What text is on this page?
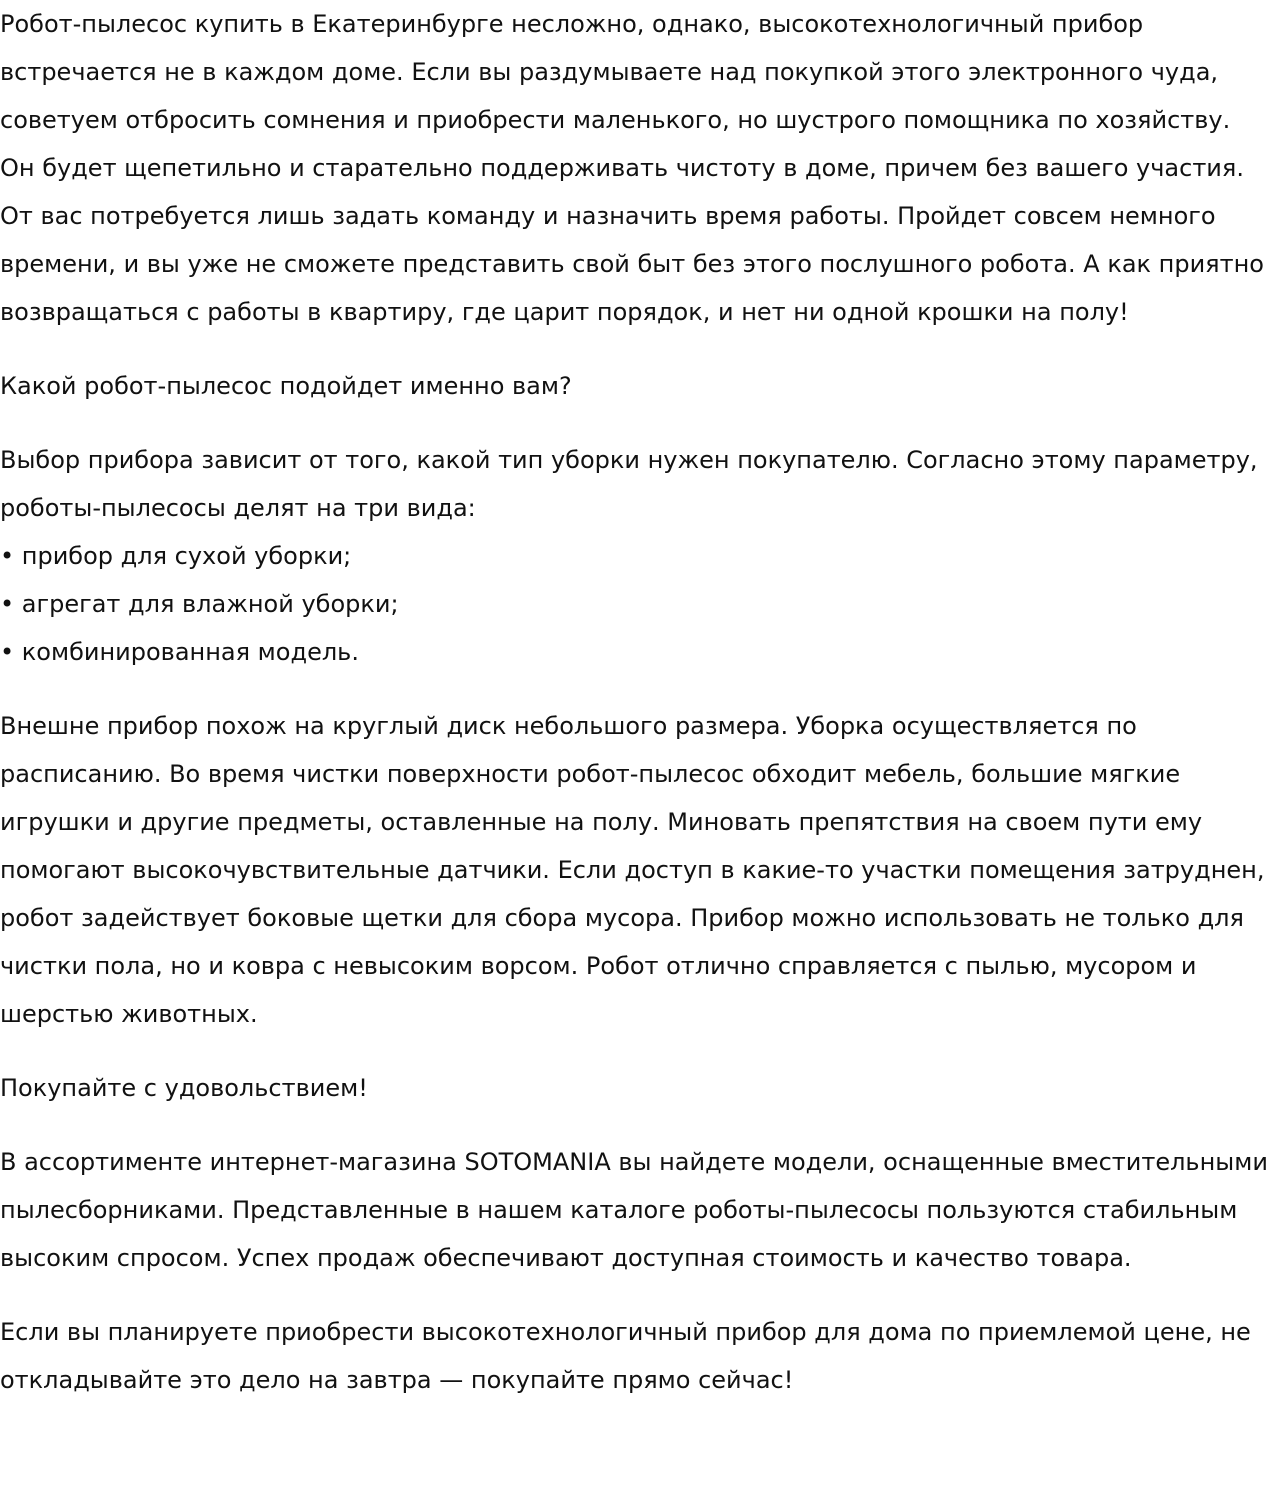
Робот-пылесос купить в Екатеринбурге несложно, однако, высокотехнологичный прибор встречается не в каждом доме. Если вы раздумываете над покупкой этого электронного чуда, советуем отбросить сомнения и приобрести маленького, но шустрого помощника по хозяйству. Он будет щепетильно и старательно поддерживать чистоту в доме, причем без вашего участия. От вас потребуется лишь задать команду и назначить время работы. Пройдет совсем немного времени, и вы уже не сможете представить свой быт без этого послушного робота. А как приятно возвращаться с работы в квартиру, где царит порядок, и нет ни одной крошки на полу!

Какой робот-пылесос подойдет именно вам?

Выбор прибора зависит от того, какой тип уборки нужен покупателю. Согласно этому параметру, роботы-пылесосы делят на три вида:
• прибор для сухой уборки;
• агрегат для влажной уборки;
• комбинированная модель.

Внешне прибор похож на круглый диск небольшого размера. Уборка осуществляется по расписанию. Во время чистки поверхности робот-пылесос обходит мебель, большие мягкие игрушки и другие предметы, оставленные на полу. Миновать препятствия на своем пути ему помогают высокочувствительные датчики. Если доступ в какие-то участки помещения затруднен, робот задействует боковые щетки для сбора мусора. Прибор можно использовать не только для чистки пола, но и ковра с невысоким ворсом. Робот отлично справляется с пылью, мусором и шерстью животных.

Покупайте с удовольствием!

В ассортименте интернет-магазина SOTOMANIA вы найдете модели, оснащенные вместительными пылесборниками. Представленные в нашем каталоге роботы-пылесосы пользуются стабильным высоким спросом. Успех продаж обеспечивают доступная стоимость и качество товара.

Если вы планируете приобрести высокотехнологичный прибор для дома по приемлемой цене, не откладывайте это дело на завтра — покупайте прямо сейчас!
